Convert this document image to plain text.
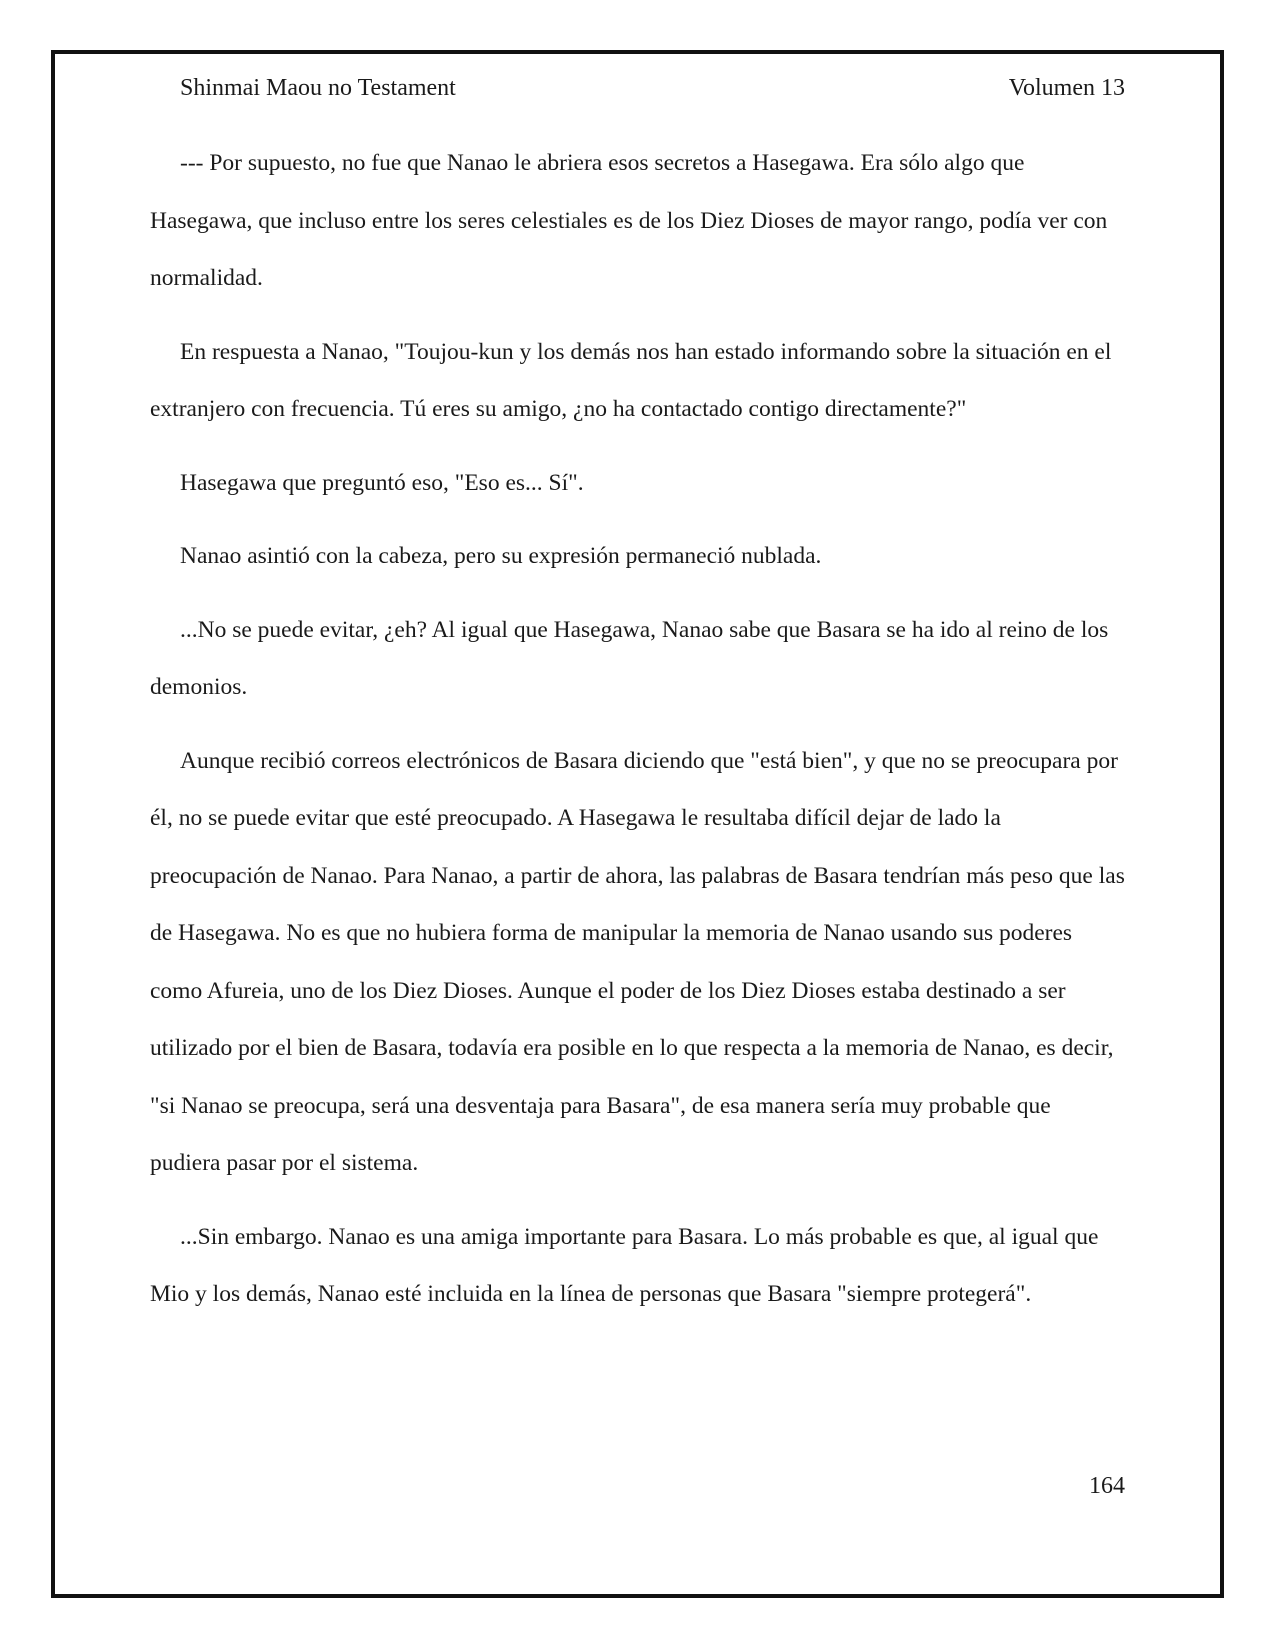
Shinmai Maou no Testament	Volumen 13

--- Por supuesto, no fue que Nanao le abriera esos secretos a Hasegawa. Era sólo algo que Hasegawa, que incluso entre los seres celestiales es de los Diez Dioses de mayor rango, podía ver con normalidad.

En respuesta a Nanao, "Toujou-kun y los demás nos han estado informando sobre la situación en el extranjero con frecuencia. Tú eres su amigo, ¿no ha contactado contigo directamente?"

Hasegawa que preguntó eso, "Eso es... Sí".

Nanao asintió con la cabeza, pero su expresión permaneció nublada.

...No se puede evitar, ¿eh? Al igual que Hasegawa, Nanao sabe que Basara se ha ido al reino de los demonios.

Aunque recibió correos electrónicos de Basara diciendo que "está bien", y que no se preocupara por él, no se puede evitar que esté preocupado. A Hasegawa le resultaba difícil dejar de lado la preocupación de Nanao. Para Nanao, a partir de ahora, las palabras de Basara tendrían más peso que las de Hasegawa. No es que no hubiera forma de manipular la memoria de Nanao usando sus poderes como Afureia, uno de los Diez Dioses. Aunque el poder de los Diez Dioses estaba destinado a ser utilizado por el bien de Basara, todavía era posible en lo que respecta a la memoria de Nanao, es decir, "si Nanao se preocupa, será una desventaja para Basara", de esa manera sería muy probable que pudiera pasar por el sistema.

...Sin embargo. Nanao es una amiga importante para Basara. Lo más probable es que, al igual que Mio y los demás, Nanao esté incluida en la línea de personas que Basara "siempre protegerá".

164
